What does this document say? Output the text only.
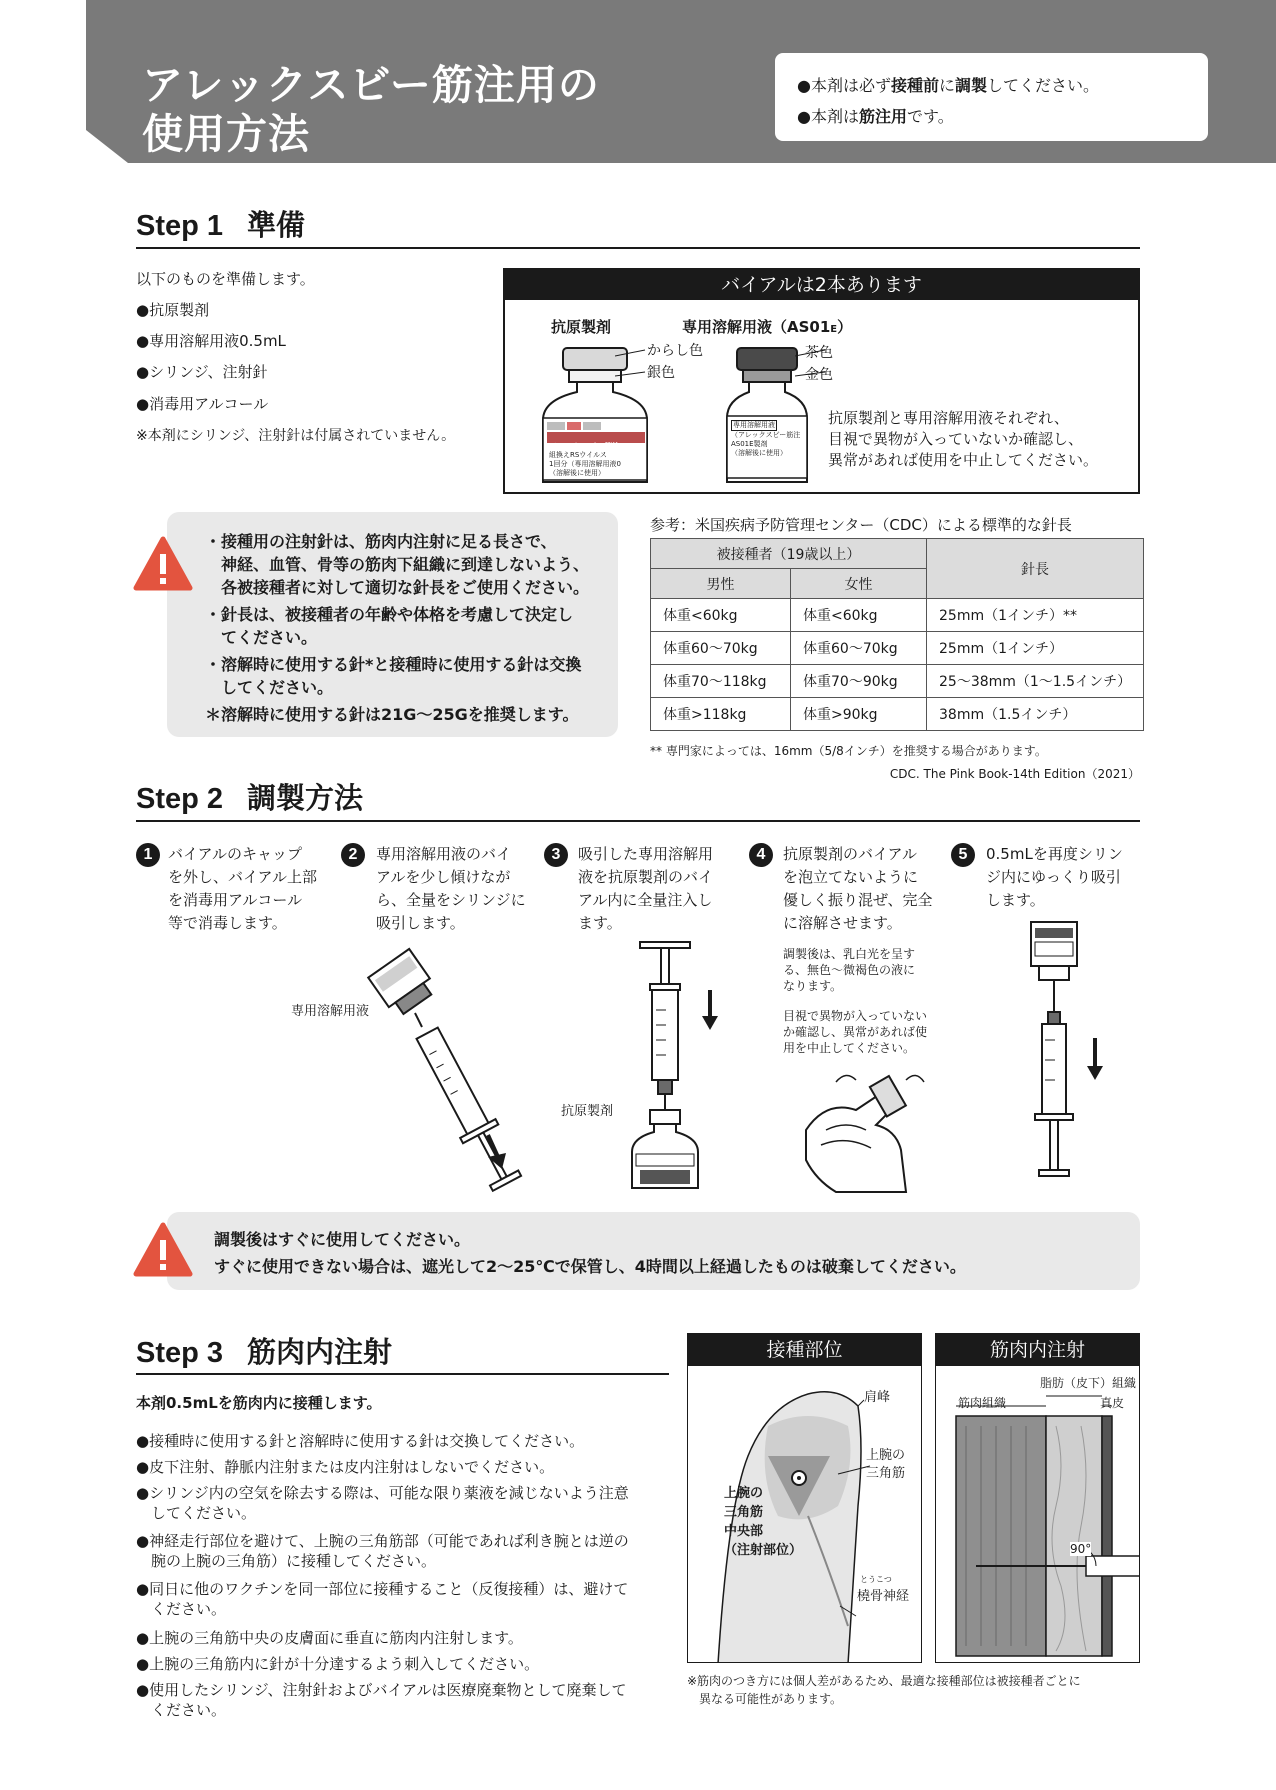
アレックスビー筋注用の
使用方法
●本剤は必ず接種前に調製してください。
●本剤は筋注用です。
Step 1 準備
以下のものを準備します。
●抗原製剤
●専用溶解用液0.5mL
●シリンジ、注射針
●消毒用アルコール
※本剤にシリンジ、注射針は付属されていません。
バイアルは2本あります
抗原製剤	専用溶解用液（AS01E）
アレックスビー筋注
組換えRSウイルス
1回分（専用溶解用液0
（溶解後に使用）
からし色
銀色
専用溶解用液
（アレックスビー筋注
AS01E製剤
（溶解後に使用）
茶色
金色
抗原製剤と専用溶解用液それぞれ、
目視で異物が入っていないか確認し、
異常があれば使用を中止してください。
・接種用の注射針は、筋肉内注射に足る長さで、
　神経、血管、骨等の筋肉下組織に到達しないよう、
　各被接種者に対して適切な針長をご使用ください。
・針長は、被接種者の年齢や体格を考慮して決定し
　てください。
・溶解時に使用する針*と接種時に使用する針は交換
　してください。
＊溶解時に使用する針は21G～25Gを推奨します。
参考：米国疾病予防管理センター（CDC）による標準的な針長
被接種者（19歳以上）		針長
男性	女性	
体重<60kg	体重<60kg	25mm（1インチ）**
体重60～70kg	体重60～70kg	25mm（1インチ）
体重70～118kg	体重70～90kg	25～38mm（1～1.5インチ）
体重>118kg	体重>90kg	38mm（1.5インチ）
** 専門家によっては、16mm（5/8インチ）を推奨する場合があります。
CDC. The Pink Book-14th Edition（2021）
Step 2 調製方法
1	バイアルのキャップ
を外し、バイアル上部
を消毒用アルコール
等で消毒します。
2	専用溶解用液のバイ
アルを少し傾けなが
ら、全量をシリンジに
吸引します。
3	吸引した専用溶解用
液を抗原製剤のバイ
アル内に全量注入し
ます。
4	抗原製剤のバイアル
を泡立てないように
優しく振り混ぜ、完全
に溶解させます。
5	0.5mLを再度シリン
ジ内にゆっくり吸引
します。
調製後は、乳白光を呈す
る、無色～微褐色の液に
なります。
目視で異物が入っていない
か確認し、異常があれば使
用を中止してください。
専用溶解用液
抗原製剤
調製後はすぐに使用してください。
すぐに使用できない場合は、遮光して2～25℃で保管し、4時間以上経過したものは破棄してください。
Step 3 筋肉内注射
本剤0.5mLを筋肉内に接種します。
●接種時に使用する針と溶解時に使用する針は交換してください。
●皮下注射、静脈内注射または皮内注射はしないでください。
●シリンジ内の空気を除去する際は、可能な限り薬液を減じないよう注意
　してください。
●神経走行部位を避けて、上腕の三角筋部（可能であれば利き腕とは逆の
　腕の上腕の三角筋）に接種してください。
●同日に他のワクチンを同一部位に接種すること（反復接種）は、避けて
　ください。
●上腕の三角筋中央の皮膚面に垂直に筋肉内注射します。
●上腕の三角筋内に針が十分達するよう刺入してください。
●使用したシリンジ、注射針およびバイアルは医療廃棄物として廃棄して
　ください。
接種部位
肩峰
上腕の
三角筋
上腕の
三角筋
中央部
（注射部位）
とうこつ
橈骨神経
筋肉内注射
脂肪（皮下）組織
筋肉組織	真皮
90°
※筋肉のつき方には個人差があるため、最適な接種部位は被接種者ごとに
　異なる可能性があります。
